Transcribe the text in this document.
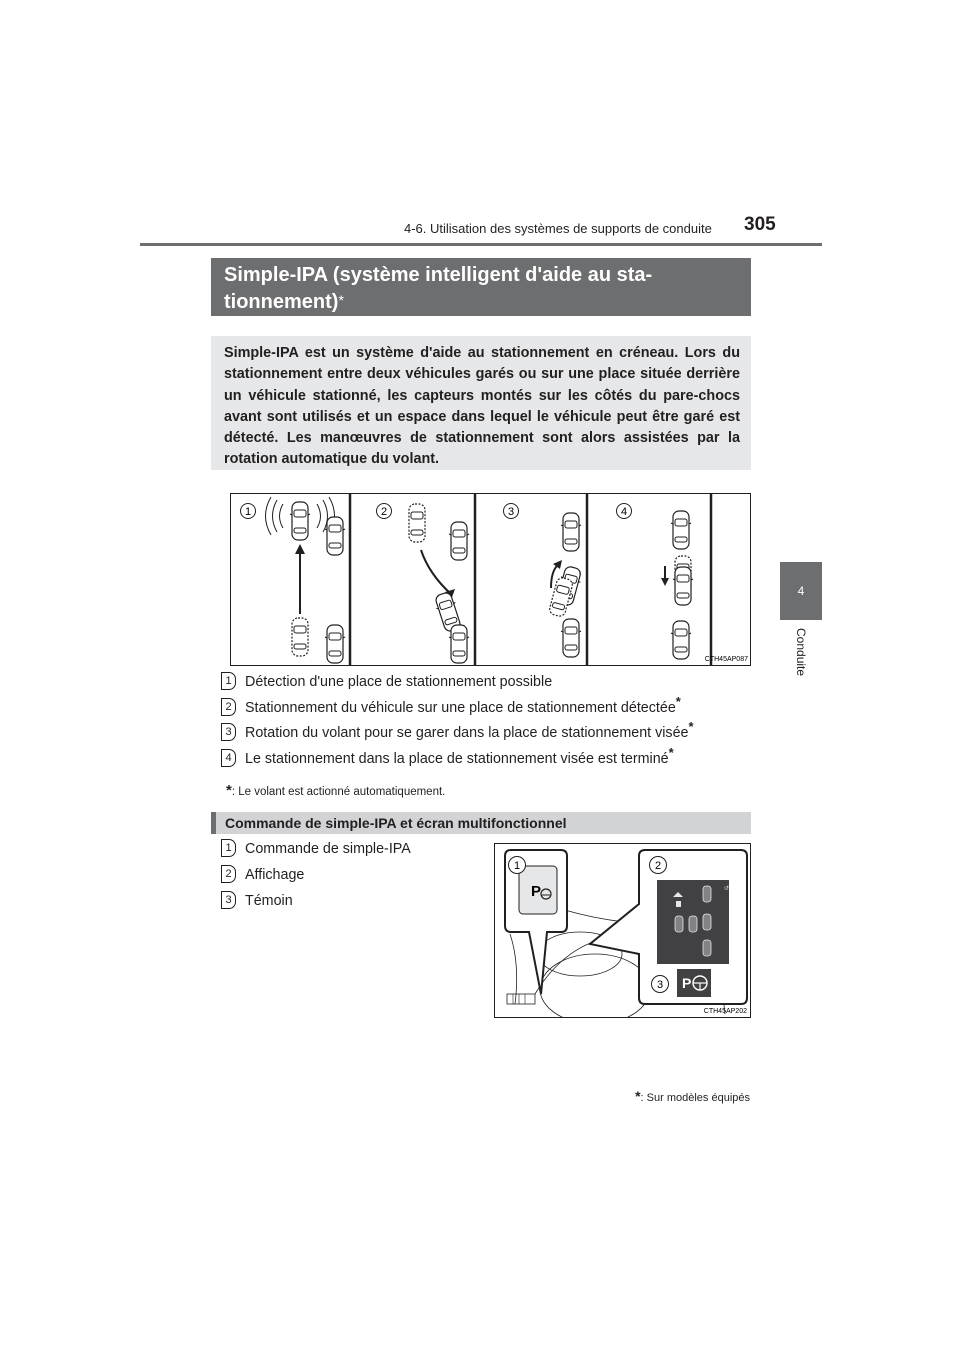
4-6. Utilisation des systèmes de supports de conduite 305
4
Conduite
Simple-IPA (système intelligent d'aide au sta-
tionnement)*
Simple-IPA est un système d'aide au stationnement en créneau. Lors du stationnement entre deux véhicules garés ou sur une place située derrière un véhicule stationné, les capteurs montés sur les côtés du pare-chocs avant sont utilisés et un espace dans lequel le véhicule peut être garé est détecté. Les manœuvres de stationnement sont alors assistées par la rotation automatique du volant.
1	2	3	4
CTH45AP087
1 Détection d'une place de stationnement possible
2 Stationnement du véhicule sur une place de stationnement détectée*
3 Rotation du volant pour se garer dans la place de stationnement visée*
4 Le stationnement dans la place de stationnement visée est terminé*
*: Le volant est actionné automatiquement.
Commande de simple-IPA et écran multifonctionnel
1 Commande de simple-IPA
2 Affichage
3 Témoin
P	↺
P
1	2
3
CTH45AP202
*: Sur modèles équipés
